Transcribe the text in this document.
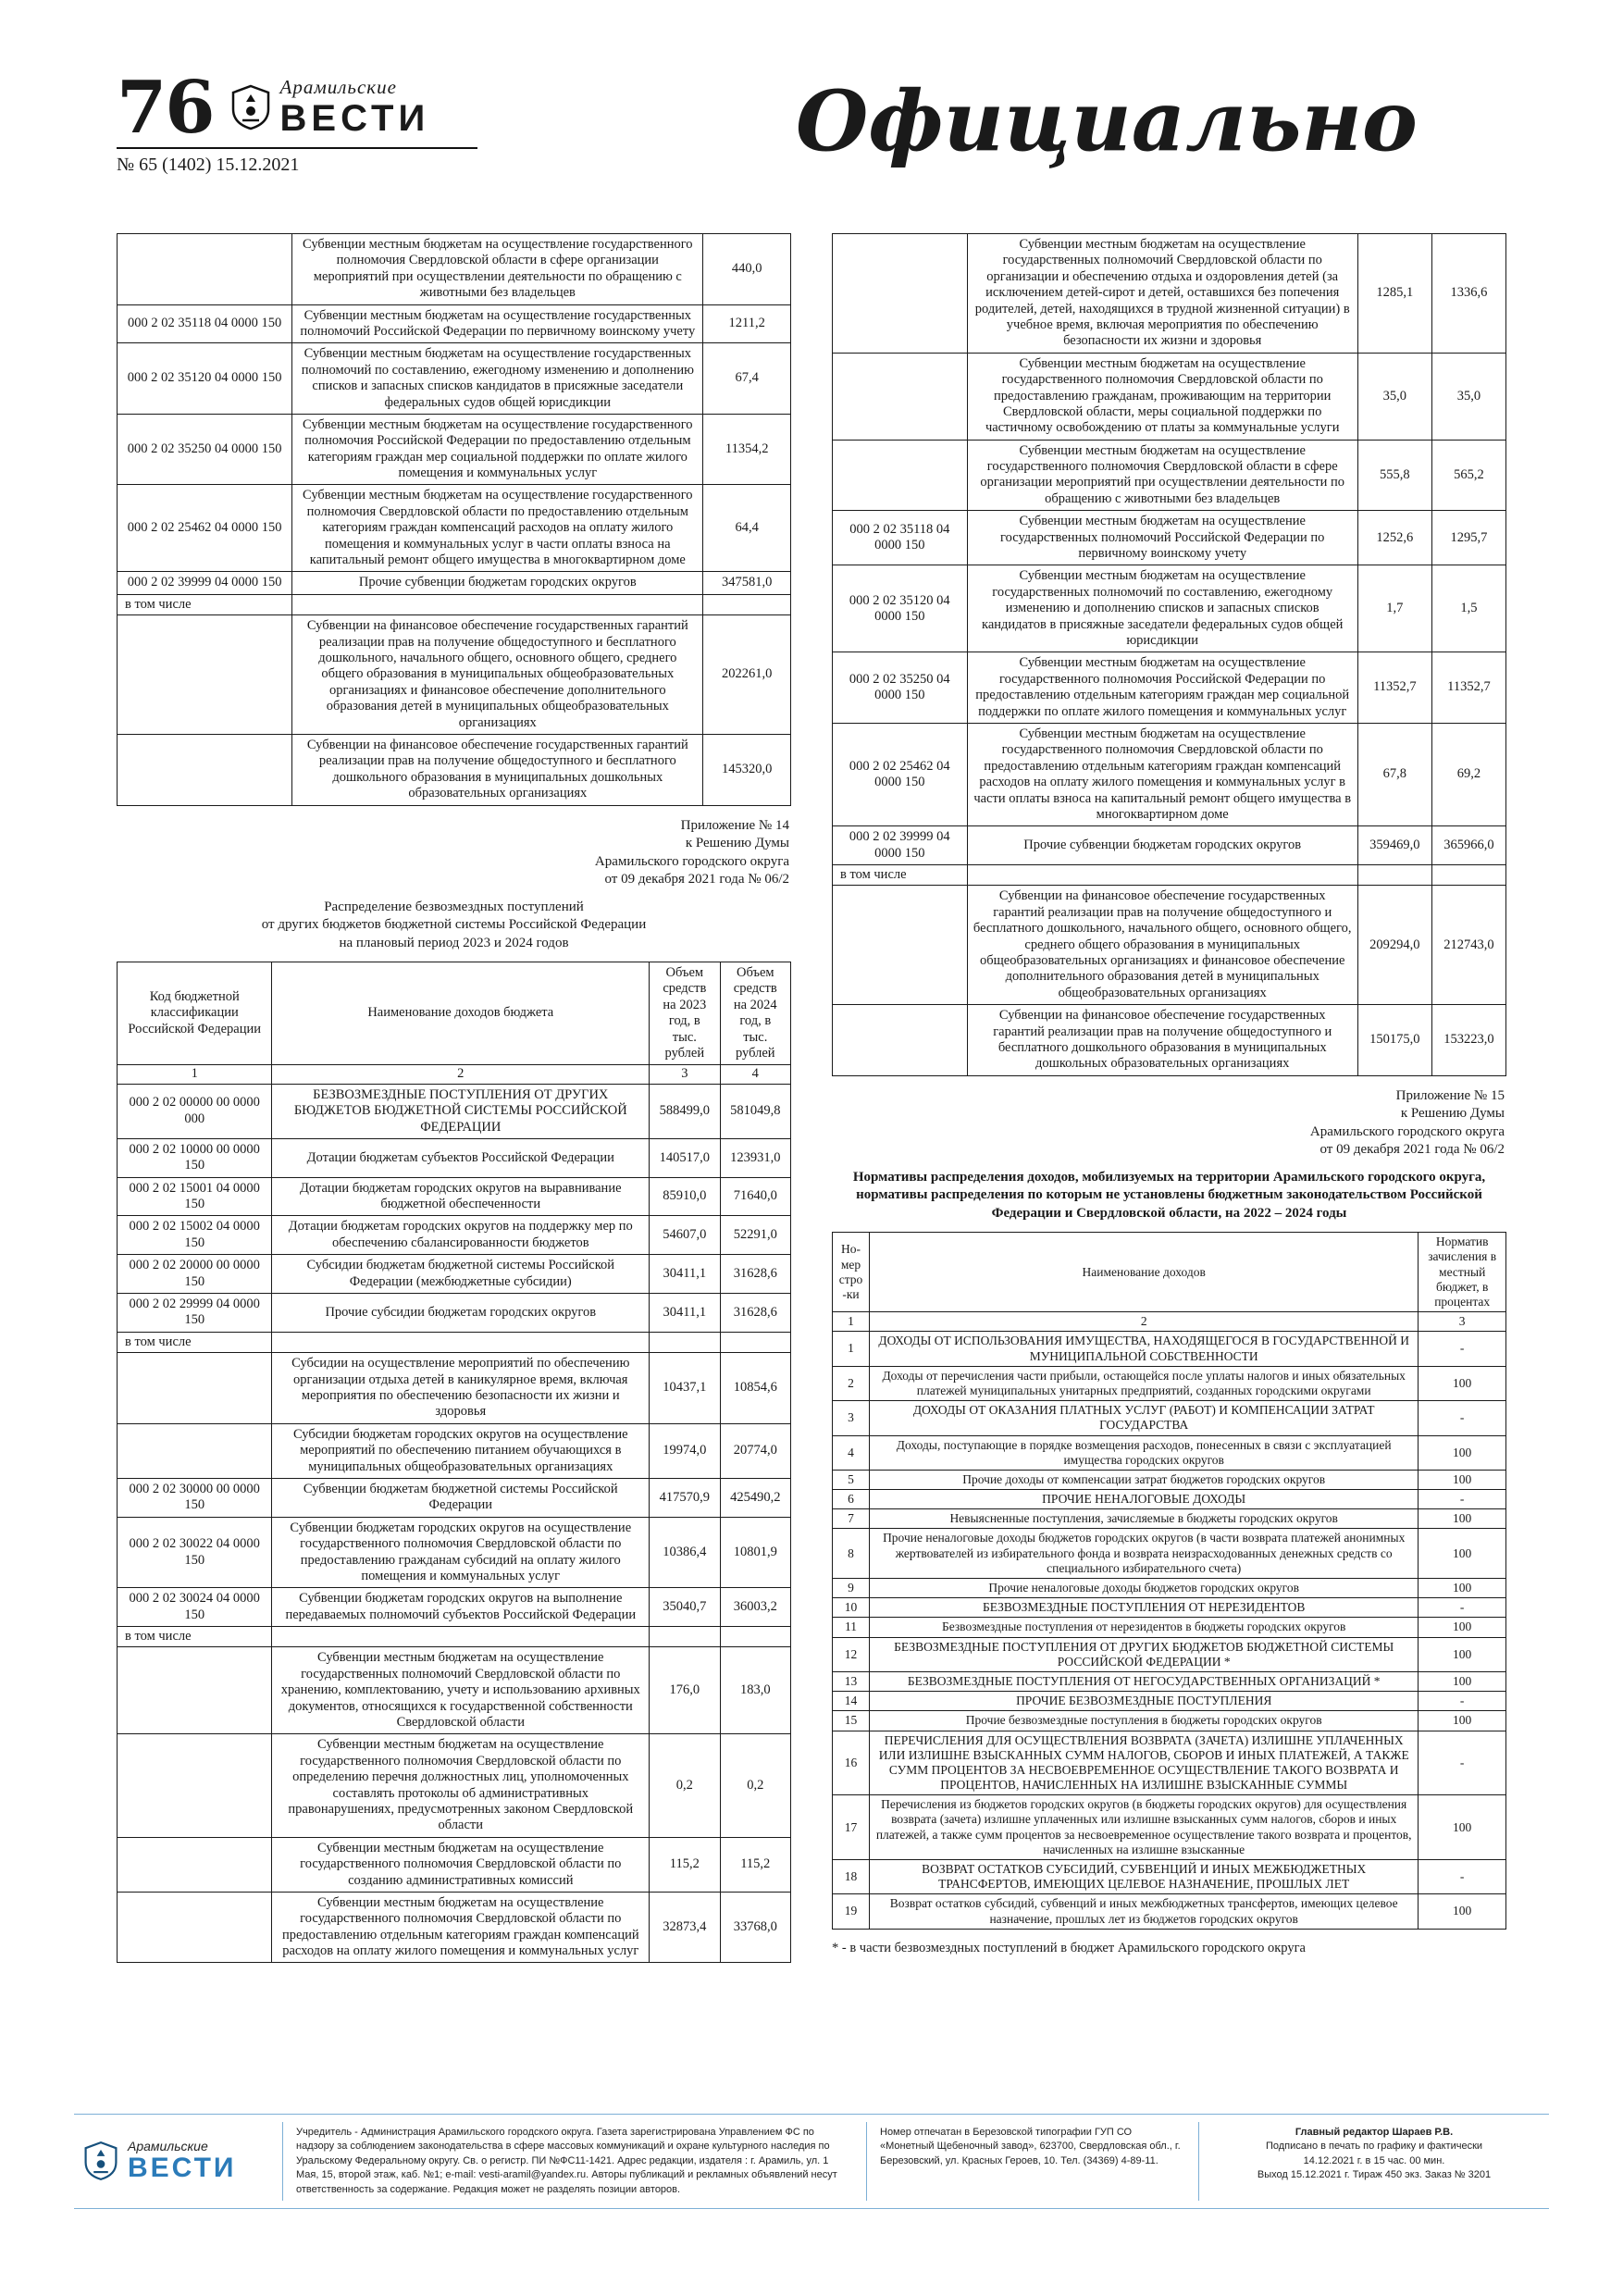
76	Арамильские
ВЕСТИ
№ 65 (1402) 15.12.2021	Официально
	Субвенции местным бюджетам на осуществление государственного полномочия Свердловской области в сфере организации мероприятий при осуществлении деятельности по обращению с животными без владельцев	440,0
000 2 02 35118 04 0000 150	Субвенции местным бюджетам на осуществление государственных полномочий Российской Федерации по первичному воинскому учету	1211,2
000 2 02 35120 04 0000 150	Субвенции местным бюджетам на осуществление государственных полномочий по составлению, ежегодному изменению и дополнению списков и запасных списков кандидатов в присяжные заседатели федеральных судов общей юрисдикции	67,4
000 2 02 35250 04 0000 150	Субвенции местным бюджетам на осуществление государственного полномочия Российской Федерации по предоставлению отдельным категориям граждан мер социальной поддержки по оплате жилого помещения и коммунальных услуг	11354,2
000 2 02 25462 04 0000 150	Субвенции местным бюджетам на осуществление государственного полномочия Свердловской области по предоставлению отдельным категориям граждан компенсаций расходов на оплату жилого помещения и коммунальных услуг в части оплаты взноса на капитальный ремонт общего имущества в многоквартирном доме	64,4
000 2 02 39999 04 0000 150	Прочие субвенции бюджетам городских округов	347581,0
в том числе		
	Субвенции на финансовое обеспечение государственных гарантий реализации прав на получение общедоступного и бесплатного дошкольного, начального общего, основного общего, среднего общего образования в муниципальных общеобразовательных организациях и финансовое обеспечение дополнительного образования детей в муниципальных общеобразовательных организациях	202261,0
	Субвенции на финансовое обеспечение государственных гарантий реализации прав на получение общедоступного и бесплатного дошкольного образования в муниципальных дошкольных образовательных организациях	145320,0
Приложение № 14
к Решению Думы
Арамильского городского округа
от 09 декабря 2021 года № 06/2
Распределение безвозмездных поступлений
от других бюджетов бюджетной системы Российской Федерации
на плановый период 2023 и 2024 годов
Код бюджетной классификации Российской Федерации	Наименование доходов бюджета	Объем средств на 2023 год, в тыс. рублей	Объем средств на 2024 год, в тыс. рублей
1	2	3	4
000 2 02 00000 00 0000 000	БЕЗВОЗМЕЗДНЫЕ ПОСТУПЛЕНИЯ ОТ ДРУГИХ БЮДЖЕТОВ БЮДЖЕТНОЙ СИСТЕМЫ РОССИЙСКОЙ ФЕДЕРАЦИИ	588499,0	581049,8
000 2 02 10000 00 0000 150	Дотации бюджетам субъектов Российской Федерации	140517,0	123931,0
000 2 02 15001 04 0000 150	Дотации бюджетам городских округов на выравнивание бюджетной обеспеченности	85910,0	71640,0
000 2 02 15002 04 0000 150	Дотации бюджетам городских округов на поддержку мер по обеспечению сбалансированности бюджетов	54607,0	52291,0
000 2 02 20000 00 0000 150	Субсидии бюджетам бюджетной системы Российской Федерации (межбюджетные субсидии)	30411,1	31628,6
000 2 02 29999 04 0000 150	Прочие субсидии бюджетам городских округов	30411,1	31628,6
в том числе			
	Субсидии на осуществление мероприятий по обеспечению организации отдыха детей в каникулярное время, включая мероприятия по обеспечению безопасности их жизни и здоровья	10437,1	10854,6
	Субсидии бюджетам городских округов на осуществление мероприятий по обеспечению питанием обучающихся в муниципальных общеобразовательных организациях	19974,0	20774,0
000 2 02 30000 00 0000 150	Субвенции бюджетам бюджетной системы Российской Федерации	417570,9	425490,2
000 2 02 30022 04 0000 150	Субвенции бюджетам городских округов на осуществление государственного полномочия Свердловской области по предоставлению гражданам субсидий на оплату жилого помещения и коммунальных услуг	10386,4	10801,9
000 2 02 30024 04 0000 150	Субвенции бюджетам городских округов на выполнение передаваемых полномочий субъектов Российской Федерации	35040,7	36003,2
в том числе			
	Субвенции местным бюджетам на осуществление государственных полномочий Свердловской области по хранению, комплектованию, учету и использованию архивных документов, относящихся к государственной собственности Свердловской области	176,0	183,0
	Субвенции местным бюджетам на осуществление государственного полномочия Свердловской области по определению перечня должностных лиц, уполномоченных составлять протоколы об административных правонарушениях, предусмотренных законом Свердловской области	0,2	0,2
	Субвенции местным бюджетам на осуществление государственного полномочия Свердловской области по созданию административных комиссий	115,2	115,2
	Субвенции местным бюджетам на осуществление государственного полномочия Свердловской области по предоставлению отдельным категориям граждан компенсаций расходов на оплату жилого помещения и коммунальных услуг	32873,4	33768,0
	Субвенции местным бюджетам на осуществление государственных полномочий Свердловской области по организации и обеспечению отдыха и оздоровления детей (за исключением детей-сирот и детей, оставшихся без попечения родителей, детей, находящихся в трудной жизненной ситуации) в учебное время, включая мероприятия по обеспечению безопасности их жизни и здоровья	1285,1	1336,6
	Субвенции местным бюджетам на осуществление государственного полномочия Свердловской области по предоставлению гражданам, проживающим на территории Свердловской области, меры социальной поддержки по частичному освобождению от платы за коммунальные услуги	35,0	35,0
	Субвенции местным бюджетам на осуществление государственного полномочия Свердловской области в сфере организации мероприятий при осуществлении деятельности по обращению с животными без владельцев	555,8	565,2
000 2 02 35118 04 0000 150	Субвенции местным бюджетам на осуществление государственных полномочий Российской Федерации по первичному воинскому учету	1252,6	1295,7
000 2 02 35120 04 0000 150	Субвенции местным бюджетам на осуществление государственных полномочий по составлению, ежегодному изменению и дополнению списков и запасных списков кандидатов в присяжные заседатели федеральных судов общей юрисдикции	1,7	1,5
000 2 02 35250 04 0000 150	Субвенции местным бюджетам на осуществление государственного полномочия Российской Федерации по предоставлению отдельным категориям граждан мер социальной поддержки по оплате жилого помещения и коммунальных услуг	11352,7	11352,7
000 2 02 25462 04 0000 150	Субвенции местным бюджетам на осуществление государственного полномочия Свердловской области по предоставлению отдельным категориям граждан компенсаций расходов на оплату жилого помещения и коммунальных услуг в части оплаты взноса на капитальный ремонт общего имущества в многоквартирном доме	67,8	69,2
000 2 02 39999 04 0000 150	Прочие субвенции бюджетам городских округов	359469,0	365966,0
в том числе			
	Субвенции на финансовое обеспечение государственных гарантий реализации прав на получение общедоступного и бесплатного дошкольного, начального общего, основного общего, среднего общего образования в муниципальных общеобразовательных организациях и финансовое обеспечение дополнительного образования детей в муниципальных общеобразовательных организациях	209294,0	212743,0
	Субвенции на финансовое обеспечение государственных гарантий реализации прав на получение общедоступного и бесплатного дошкольного образования в муниципальных дошкольных образовательных организациях	150175,0	153223,0
Приложение № 15
к Решению Думы
Арамильского городского округа
от 09 декабря 2021 года № 06/2
Нормативы распределения доходов, мобилизуемых на территории Арамильского городского округа, нормативы распределения по которым не установлены бюджетным законодательством Российской Федерации и Свердловской области, на 2022 – 2024 годы
Но-мер стро-ки	Наименование доходов	Норматив зачисления в местный бюджет, в процентах
1	2	3
1	ДОХОДЫ ОТ ИСПОЛЬЗОВАНИЯ ИМУЩЕСТВА, НАХОДЯЩЕГОСЯ В ГОСУДАРСТВЕННОЙ И МУНИЦИПАЛЬНОЙ СОБСТВЕННОСТИ	-
2	Доходы от перечисления части прибыли, остающейся после уплаты налогов и иных обязательных платежей муниципальных унитарных предприятий, созданных городскими округами	100
3	ДОХОДЫ ОТ ОКАЗАНИЯ ПЛАТНЫХ УСЛУГ (РАБОТ) И КОМПЕНСАЦИИ ЗАТРАТ ГОСУДАРСТВА	-
4	Доходы, поступающие в порядке возмещения расходов, понесенных в связи с эксплуатацией имущества городских округов	100
5	Прочие доходы от компенсации затрат бюджетов городских округов	100
6	ПРОЧИЕ НЕНАЛОГОВЫЕ ДОХОДЫ	-
7	Невыясненные поступления, зачисляемые в бюджеты городских округов	100
8	Прочие неналоговые доходы бюджетов городских округов (в части возврата платежей анонимных жертвователей из избирательного фонда и возврата неизрасходованных денежных средств со специального избирательного счета)	100
9	Прочие неналоговые доходы бюджетов городских округов	100
10	БЕЗВОЗМЕЗДНЫЕ ПОСТУПЛЕНИЯ ОТ НЕРЕЗИДЕНТОВ	-
11	Безвозмездные поступления от нерезидентов в бюджеты городских округов	100
12	БЕЗВОЗМЕЗДНЫЕ ПОСТУПЛЕНИЯ ОТ ДРУГИХ БЮДЖЕТОВ БЮДЖЕТНОЙ СИСТЕМЫ РОССИЙСКОЙ ФЕДЕРАЦИИ *	100
13	БЕЗВОЗМЕЗДНЫЕ ПОСТУПЛЕНИЯ ОТ НЕГОСУДАРСТВЕННЫХ ОРГАНИЗАЦИЙ *	100
14	ПРОЧИЕ БЕЗВОЗМЕЗДНЫЕ ПОСТУПЛЕНИЯ	-
15	Прочие безвозмездные поступления в бюджеты городских округов	100
16	ПЕРЕЧИСЛЕНИЯ ДЛЯ ОСУЩЕСТВЛЕНИЯ ВОЗВРАТА (ЗАЧЕТА) ИЗЛИШНЕ УПЛАЧЕННЫХ ИЛИ ИЗЛИШНЕ ВЗЫСКАННЫХ СУММ НАЛОГОВ, СБОРОВ И ИНЫХ ПЛАТЕЖЕЙ, А ТАКЖЕ СУММ ПРОЦЕНТОВ ЗА НЕСВОЕВРЕМЕННОЕ ОСУЩЕСТВЛЕНИЕ ТАКОГО ВОЗВРАТА И ПРОЦЕНТОВ, НАЧИСЛЕННЫХ НА ИЗЛИШНЕ ВЗЫСКАННЫЕ СУММЫ	-
17	Перечисления из бюджетов городских округов (в бюджеты городских округов) для осуществления возврата (зачета) излишне уплаченных или излишне взысканных сумм налогов, сборов и иных платежей, а также сумм процентов за несвоевременное осуществление такого возврата и процентов, начисленных на излишне взысканные	100
18	ВОЗВРАТ ОСТАТКОВ СУБСИДИЙ, СУБВЕНЦИЙ И ИНЫХ МЕЖБЮДЖЕТНЫХ ТРАНСФЕРТОВ, ИМЕЮЩИХ ЦЕЛЕВОЕ НАЗНАЧЕНИЕ, ПРОШЛЫХ ЛЕТ	-
19	Возврат остатков субсидий, субвенций и иных межбюджетных трансфертов, имеющих целевое назначение, прошлых лет из бюджетов городских округов	100
* - в части безвозмездных поступлений в бюджет Арамильского городского округа
Арамильские
ВЕСТИ
Учредитель - Администрация Арамильского городского округа. Газета зарегистрирована Управлением ФС по надзору за соблюдением законодательства в сфере массовых коммуникаций и охране культурного наследия по Уральскому Федеральному округу. Св. о регистр. ПИ №ФС11-1421. Адрес редакции, издателя : г. Арамиль, ул. 1 Мая, 15, второй этаж, каб. №1; e-mail: vesti-aramil@yandex.ru. Авторы публикаций и рекламных объявлений несут ответственность за содержание. Редакция может не разделять позиции авторов.
Номер отпечатан в Березовской типографии ГУП СО «Монетный Щебеночный завод», 623700, Свердловская обл., г. Березовский, ул. Красных Героев, 10. Тел. (34369) 4-89-11.
Главный редактор Шараев Р.В.
Подписано в печать по графику и фактически
14.12.2021 г. в 15 час. 00 мин.
Выход 15.12.2021 г. Тираж 450 экз. Заказ № 3201
